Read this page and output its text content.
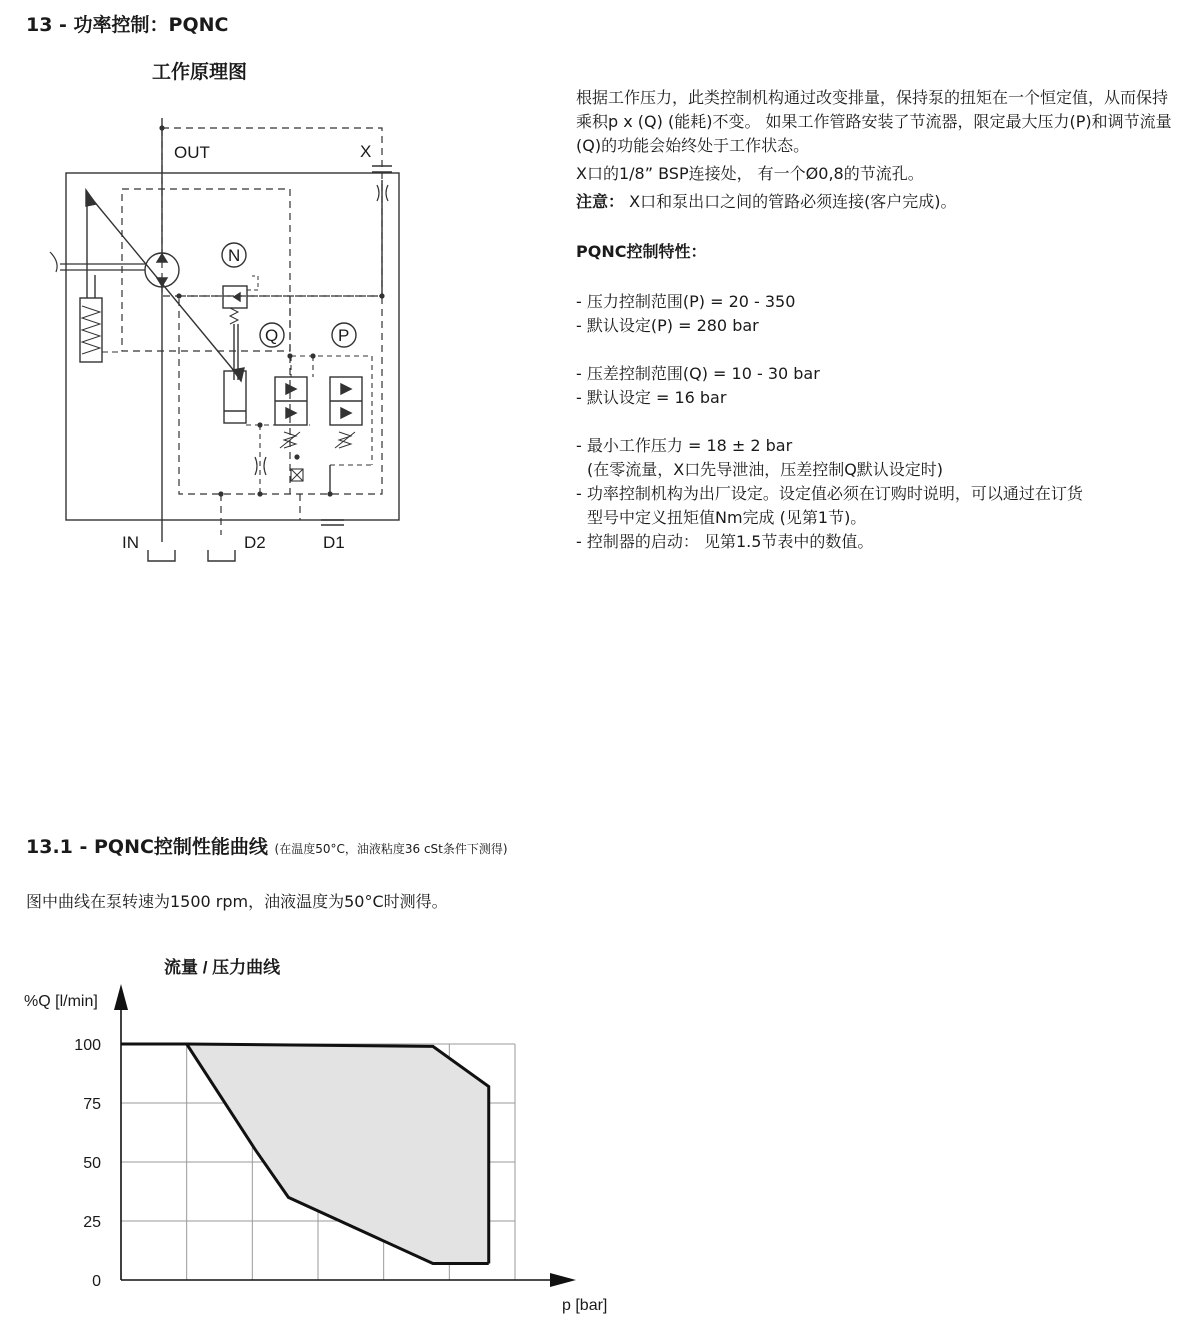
13 - 功率控制：PQNC
工作原理图
OUT	X
N
Q	P
IN	D2	D1

根据工作压力，此类控制机构通过改变排量，保持泵的扭矩在一个恒定值，从而保持乘积p x (Q) (能耗)不变。 如果工作管路安装了节流器，限定最大压力(P)和调节流量(Q)的功能会始终处于工作状态。

X口的1/8” BSP连接处， 有一个Ø0,8的节流孔。

注意： X口和泵出口之间的管路必须连接(客户完成)。

PQNC控制特性：

- 压力控制范围(P) = 20 - 350
- 默认设定(P) = 280 bar
- 压差控制范围(Q) = 10 - 30 bar
- 默认设定 = 16 bar
- 最小工作压力 = 18 ± 2 bar
(在零流量，X口先导泄油，压差控制Q默认设定时)
- 功率控制机构为出厂设定。设定值必须在订购时说明，可以通过在订货
型号中定义扭矩值Nm完成 (见第1节)。
- 控制器的启动： 见第1.5节表中的数值。
13.1 - PQNC控制性能曲线 (在温度50°C，油液粘度36 cSt条件下测得)
图中曲线在泵转速为1500 rpm，油液温度为50°C时测得。
流量 / 压力曲线
%Q [l/min]
p [bar]
0
25
50
75
100
